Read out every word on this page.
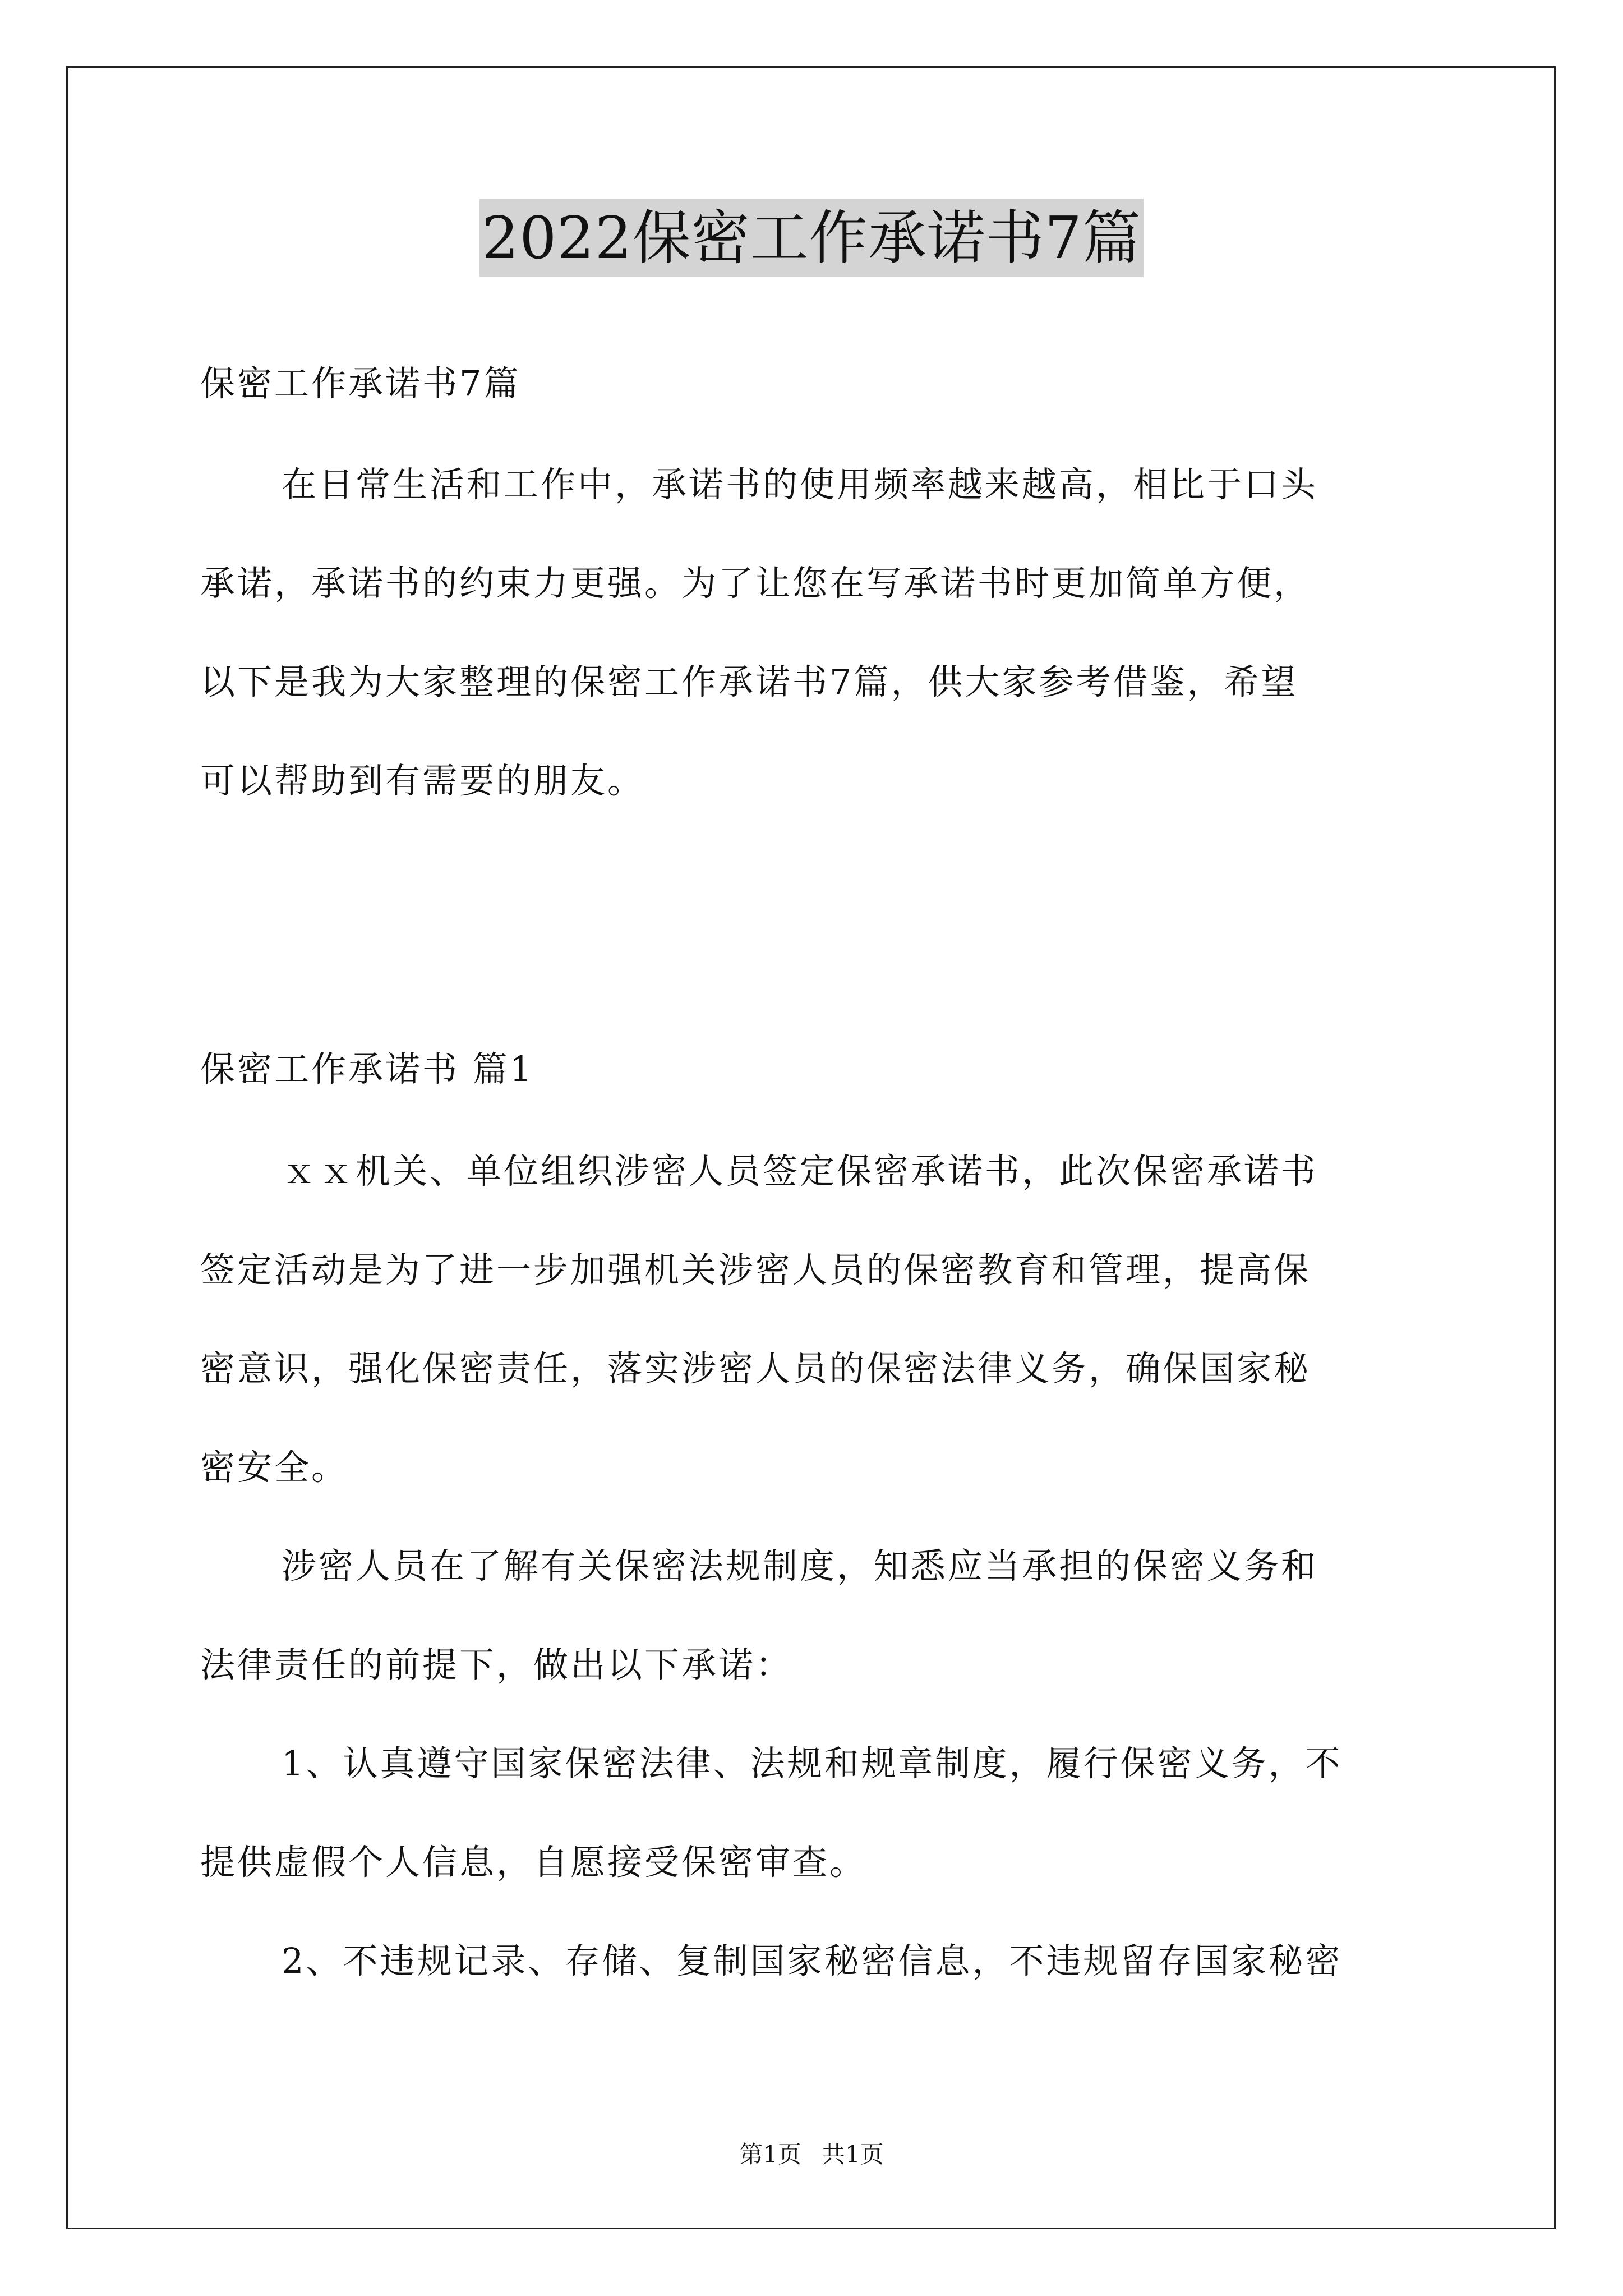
2022保密工作承诺书7篇
保密工作承诺书7篇
在日常生活和工作中，承诺书的使用频率越来越高，相比于口头
承诺，承诺书的约束力更强。为了让您在写承诺书时更加简单方便，
以下是我为大家整理的保密工作承诺书7篇，供大家参考借鉴，希望
可以帮助到有需要的朋友。
保密工作承诺书 篇1
ｘｘ机关、单位组织涉密人员签定保密承诺书，此次保密承诺书
签定活动是为了进一步加强机关涉密人员的保密教育和管理，提高保
密意识，强化保密责任，落实涉密人员的保密法律义务，确保国家秘
密安全。
涉密人员在了解有关保密法规制度，知悉应当承担的保密义务和
法律责任的前提下，做出以下承诺：
1、认真遵守国家保密法律、法规和规章制度，履行保密义务，不
提供虚假个人信息，自愿接受保密审查。
2、不违规记录、存储、复制国家秘密信息，不违规留存国家秘密
第1页 共1页
